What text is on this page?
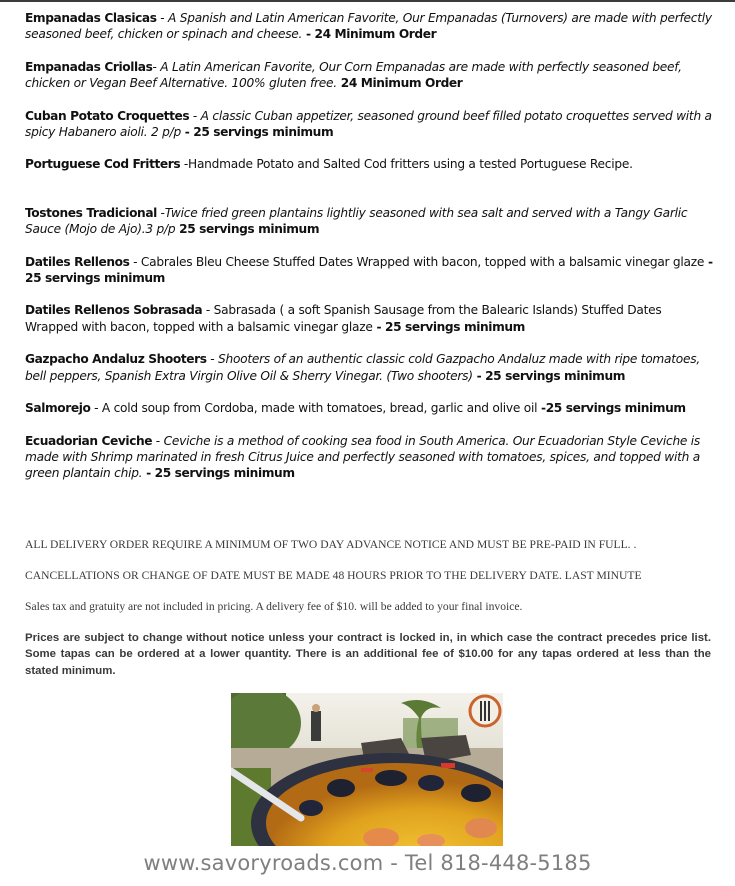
Empanadas Clasicas - A Spanish and Latin American Favorite, Our Empanadas (Turnovers) are made with perfectly seasoned beef, chicken or spinach and cheese. - 24 Minimum Order

Empanadas Criollas- A Latin American Favorite, Our Corn Empanadas are made with perfectly seasoned beef, chicken or Vegan Beef Alternative. 100% gluten free. 24 Minimum Order

Cuban Potato Croquettes - A classic Cuban appetizer, seasoned ground beef filled potato croquettes served with a spicy Habanero aioli. 2 p/p - 25 servings minimum

Portuguese Cod Fritters -Handmade Potato and Salted Cod fritters using a tested Portuguese Recipe.

Tostones Tradicional -Twice fried green plantains lightliy seasoned with sea salt and served with a Tangy Garlic Sauce (Mojo de Ajo).3 p/p 25 servings minimum

Datiles Rellenos - Cabrales Bleu Cheese Stuffed Dates Wrapped with bacon, topped with a balsamic vinegar glaze - 25 servings minimum

Datiles Rellenos Sobrasada - Sabrasada ( a soft Spanish Sausage from the Balearic Islands) Stuffed Dates Wrapped with bacon, topped with a balsamic vinegar glaze - 25 servings minimum

Gazpacho Andaluz Shooters - Shooters of an authentic classic cold Gazpacho Andaluz made with ripe tomatoes, bell peppers, Spanish Extra Virgin Olive Oil & Sherry Vinegar. (Two shooters) - 25 servings minimum

Salmorejo - A cold soup from Cordoba, made with tomatoes, bread, garlic and olive oil -25 servings minimum

Ecuadorian Ceviche - Ceviche is a method of cooking sea food in South America. Our Ecuadorian Style Ceviche is made with Shrimp marinated in fresh Citrus Juice and perfectly seasoned with tomatoes, spices, and topped with a green plantain chip. - 25 servings minimum

ALL DELIVERY ORDER REQUIRE A MINIMUM OF TWO DAY ADVANCE NOTICE AND MUST BE PRE-PAID IN FULL. .
CANCELLATIONS OR CHANGE OF DATE MUST BE MADE 48 HOURS PRIOR TO THE DELIVERY DATE. LAST MINUTE
Sales tax and gratuity are not included in pricing. A delivery fee of $10. will be added to your final invoice.
Prices are subject to change without notice unless your contract is locked in, in which case the contract precedes price list. Some tapas can be ordered at a lower quantity. There is an additional fee of $10.00 for any tapas ordered at less than the stated minimum.
www.savoryroads.com - Tel 818-448-5185
